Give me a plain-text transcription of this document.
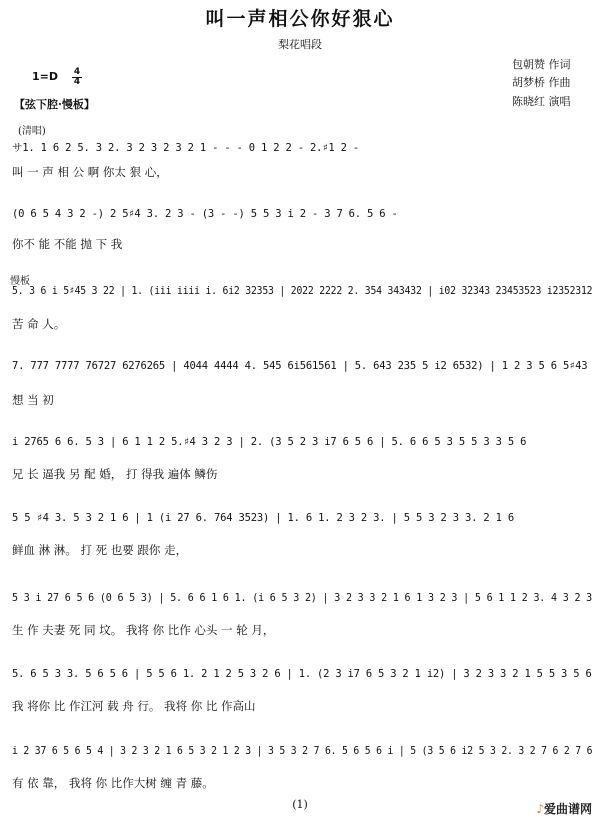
叫一声相公你好狠心
梨花唱段
包朝赞 作词
胡梦桥 作曲
陈晓红 演唱
1=D 4
4
【弦下腔·慢板】
(清唱)
慢板
サ1. 1 6 2 5. 3 2. 3 2 3 2 3 2 1 - - - 0 1 2 2 - 2.♯1 2 -
叫 一 声 相 公 啊 你太 狠 心，
(0 6 5 4 3 2 -) 2 5♯4 3. 2 3 - (3 - -) 5 5 3 i 2 - 3 7 6. 5 6 -
你不 能 不能 抛 下 我
5. 3 6 i 5♯45 3 22 | 1. (iii iiii i. 6i2 32353 | 2022 2222 2. 354 343432 | i02 32343 23453523 i2352312
苦 命 人。
7. 777 7777 76727 6276265 | 4044 4444 4. 545 6i561561 | 5. 643 235 5 i2 6532) | 1 2 3 5 6 5♯43
想 当 初
i 2765 6 6. 5 3 | 6 1 1 2 5.♯4 3 2 3 | 2. (3 5 2 3 i7 6 5 6 | 5. 6 6 5 3 5 5 3 3 5 6
兄 长 逼我 另 配 婚， 打 得我 遍体 鳞伤
5 5 ♯4 3. 5 3 2 1 6 | 1 (i 27 6. 764 3523) | 1. 6 1. 2 3 2 3. | 5 5 3 2 3 3. 2 1 6
鲜血 淋 淋。 打 死 也要 跟你 走，
5 3 i 27 6 5 6 (0 6 5 3) | 5. 6 6 1 6 1. (i 6 5 3 2) | 3 2 3 3 2 1 6 1 3 2 3 | 5 6 1 1 2 3. 4 3 2 3
生 作 夫妻 死 同 坟。 我将 你 比作 心头 一 轮 月，
5. 6 5 3 3. 5 6 5 6 | 5 5 6 1. 2 1 2 5 3 2 6 | 1. (2 3 i7 6 5 3 2 1 i2) | 3 2 3 3 2 1 5 5 3 5 6
我 将你 比 作江河 载 舟 行。 我将 你 比 作高山
i 2 37 6 5 6 5 4 | 3 2 3 2 1 6 5 3 2 1 2 3 | 3 5 3 2 7 6. 5 6 5 6 i | 5 (3 5 6 i2 5 3 2. 3 2 7 6 2 7 6
有 依 靠， 我将 你 比作大树 缠 青 藤。
(1)	♪爱曲谱网
